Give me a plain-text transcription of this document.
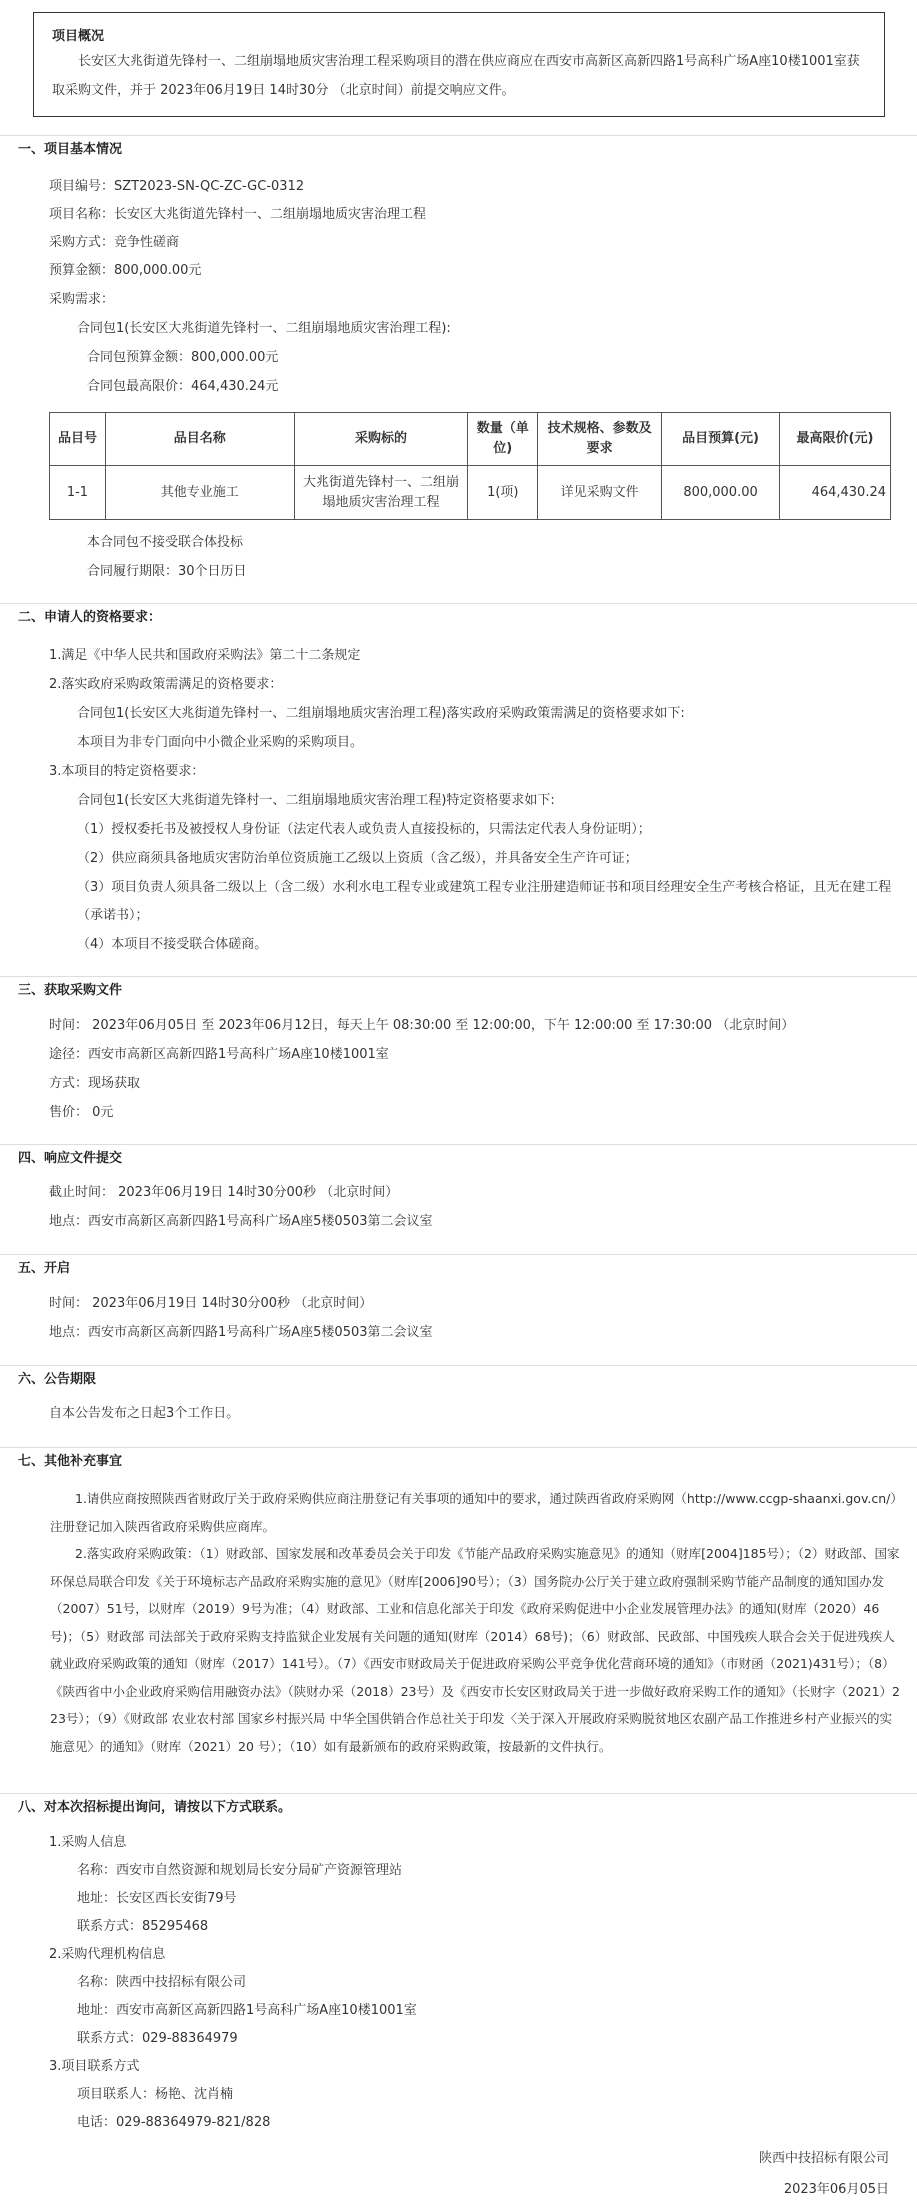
项目概况
长安区大兆街道先锋村一、二组崩塌地质灾害治理工程采购项目的潜在供应商应在西安市高新区高新四路1号高科广场A座10楼1001室获取采购文件，并于 2023年06月19日 14时30分 （北京时间）前提交响应文件。
一、项目基本情况
项目编号：SZT2023-SN-QC-ZC-GC-0312
项目名称：长安区大兆街道先锋村一、二组崩塌地质灾害治理工程
采购方式：竞争性磋商
预算金额：800,000.00元
采购需求：
合同包1(长安区大兆街道先锋村一、二组崩塌地质灾害治理工程):
合同包预算金额：800,000.00元
合同包最高限价：464,430.24元
品目号	品目名称	采购标的	数量（单位)	技术规格、参数及要求	品目预算(元)	最高限价(元)
1-1	其他专业施工	大兆街道先锋村一、二组崩塌地质灾害治理工程	1(项)	详见采购文件	800,000.00	464,430.24
本合同包不接受联合体投标
合同履行期限：30个日历日
二、申请人的资格要求：
1.满足《中华人民共和国政府采购法》第二十二条规定
2.落实政府采购政策需满足的资格要求：
合同包1(长安区大兆街道先锋村一、二组崩塌地质灾害治理工程)落实政府采购政策需满足的资格要求如下:
本项目为非专门面向中小微企业采购的采购项目。
3.本项目的特定资格要求：
合同包1(长安区大兆街道先锋村一、二组崩塌地质灾害治理工程)特定资格要求如下:
（1）授权委托书及被授权人身份证（法定代表人或负责人直接投标的，只需法定代表人身份证明）；
（2）供应商须具备地质灾害防治单位资质施工乙级以上资质（含乙级），并具备安全生产许可证；
（3）项目负责人须具备二级以上（含二级）水利水电工程专业或建筑工程专业注册建造师证书和项目经理安全生产考核合格证，且无在建工程
（承诺书）；
（4）本项目不接受联合体磋商。
三、获取采购文件
时间： 2023年06月05日 至 2023年06月12日，每天上午 08:30:00 至 12:00:00，下午 12:00:00 至 17:30:00 （北京时间）
途径：西安市高新区高新四路1号高科广场A座10楼1001室
方式：现场获取
售价： 0元
四、响应文件提交
截止时间： 2023年06月19日 14时30分00秒 （北京时间）
地点：西安市高新区高新四路1号高科广场A座5楼0503第二会议室
五、开启
时间： 2023年06月19日 14时30分00秒 （北京时间）
地点：西安市高新区高新四路1号高科广场A座5楼0503第二会议室
六、公告期限
自本公告发布之日起3个工作日。
七、其他补充事宜
　　1.请供应商按照陕西省财政厅关于政府采购供应商注册登记有关事项的通知中的要求，通过陕西省政府采购网（http://www.ccgp-shaanxi.gov.cn/）注册登记加入陕西省政府采购供应商库。
　　2.落实政府采购政策：（1）财政部、国家发展和改革委员会关于印发《节能产品政府采购实施意见》的通知（财库[2004]185号）；（2）财政部、国家环保总局联合印发《关于环境标志产品政府采购实施的意见》（财库[2006]90号）；（3）国务院办公厅关于建立政府强制采购节能产品制度的通知国办发（2007）51号，以财库（2019）9号为准；（4）财政部、工业和信息化部关于印发《政府采购促进中小企业发展管理办法》的通知(财库（2020）46号)；（5）财政部 司法部关于政府采购支持监狱企业发展有关问题的通知(财库（2014）68号)；（6）财政部、民政部、中国残疾人联合会关于促进残疾人就业政府采购政策的通知（财库（2017）141号）。（7）《西安市财政局关于促进政府采购公平竞争优化营商环境的通知》（市财函（2021)431号）；（8）《陕西省中小企业政府采购信用融资办法》（陕财办采（2018）23号）及《西安市长安区财政局关于进一步做好政府采购工作的通知》（长财字（2021）223号）；（9）《财政部 农业农村部 国家乡村振兴局 中华全国供销合作总社关于印发〈关于深入开展政府采购脱贫地区农副产品工作推进乡村产业振兴的实施意见〉的通知》（财库（2021）20 号）；（10）如有最新颁布的政府采购政策，按最新的文件执行。
八、对本次招标提出询问，请按以下方式联系。
1.采购人信息
名称：西安市自然资源和规划局长安分局矿产资源管理站
地址：长安区西长安街79号
联系方式：85295468
2.采购代理机构信息
名称：陕西中技招标有限公司
地址：西安市高新区高新四路1号高科广场A座10楼1001室
联系方式：029-88364979
3.项目联系方式
项目联系人：杨艳、沈肖楠
电话：029-88364979-821/828
陕西中技招标有限公司
2023年06月05日
